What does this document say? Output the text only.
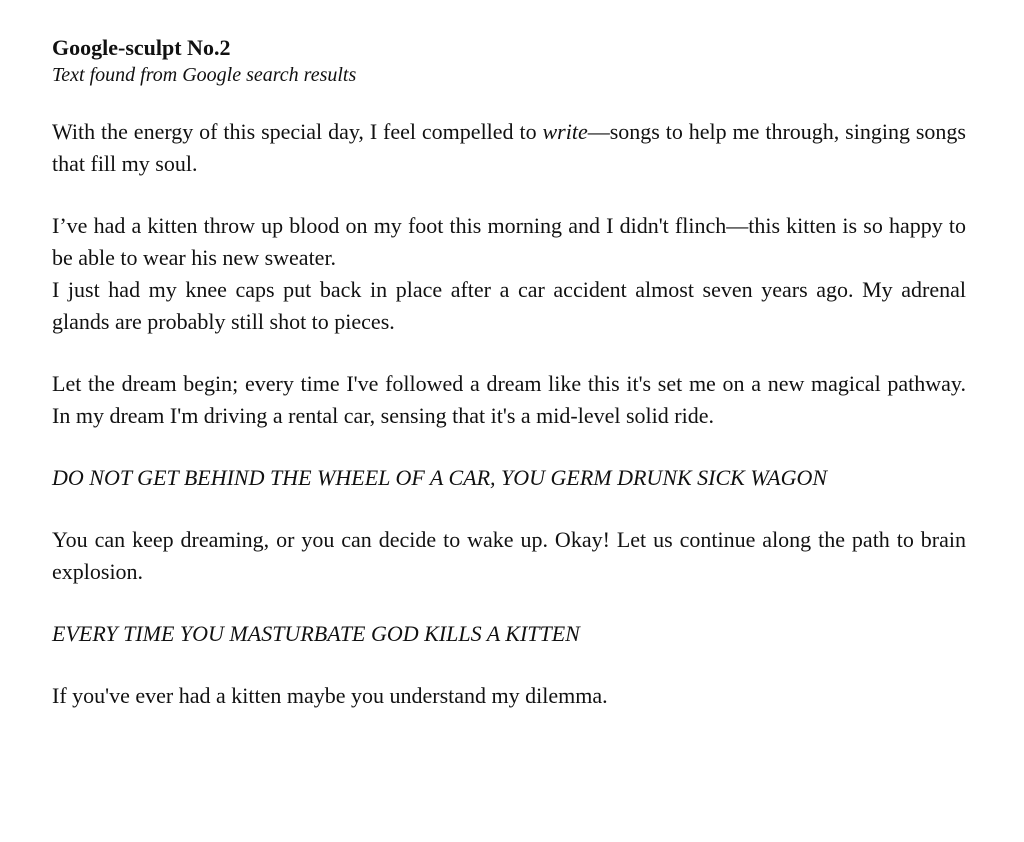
Google-sculpt No.2
Text found from Google search results

With the energy of this special day, I feel compelled to write—songs to help me through, singing songs that fill my soul.

I’ve had a kitten throw up blood on my foot this morning and I didn't flinch—this kitten is so happy to be able to wear his new sweater.

I just had my knee caps put back in place after a car accident almost seven years ago. My adrenal glands are probably still shot to pieces.

Let the dream begin; every time I've followed a dream like this it's set me on a new magical pathway. In my dream I'm driving a rental car, sensing that it's a mid-level solid ride.

DO NOT GET BEHIND THE WHEEL OF A CAR, YOU GERM DRUNK SICK WAGON

You can keep dreaming, or you can decide to wake up. Okay! Let us continue along the path to brain explosion.

EVERY TIME YOU MASTURBATE GOD KILLS A KITTEN

If you've ever had a kitten maybe you understand my dilemma.
